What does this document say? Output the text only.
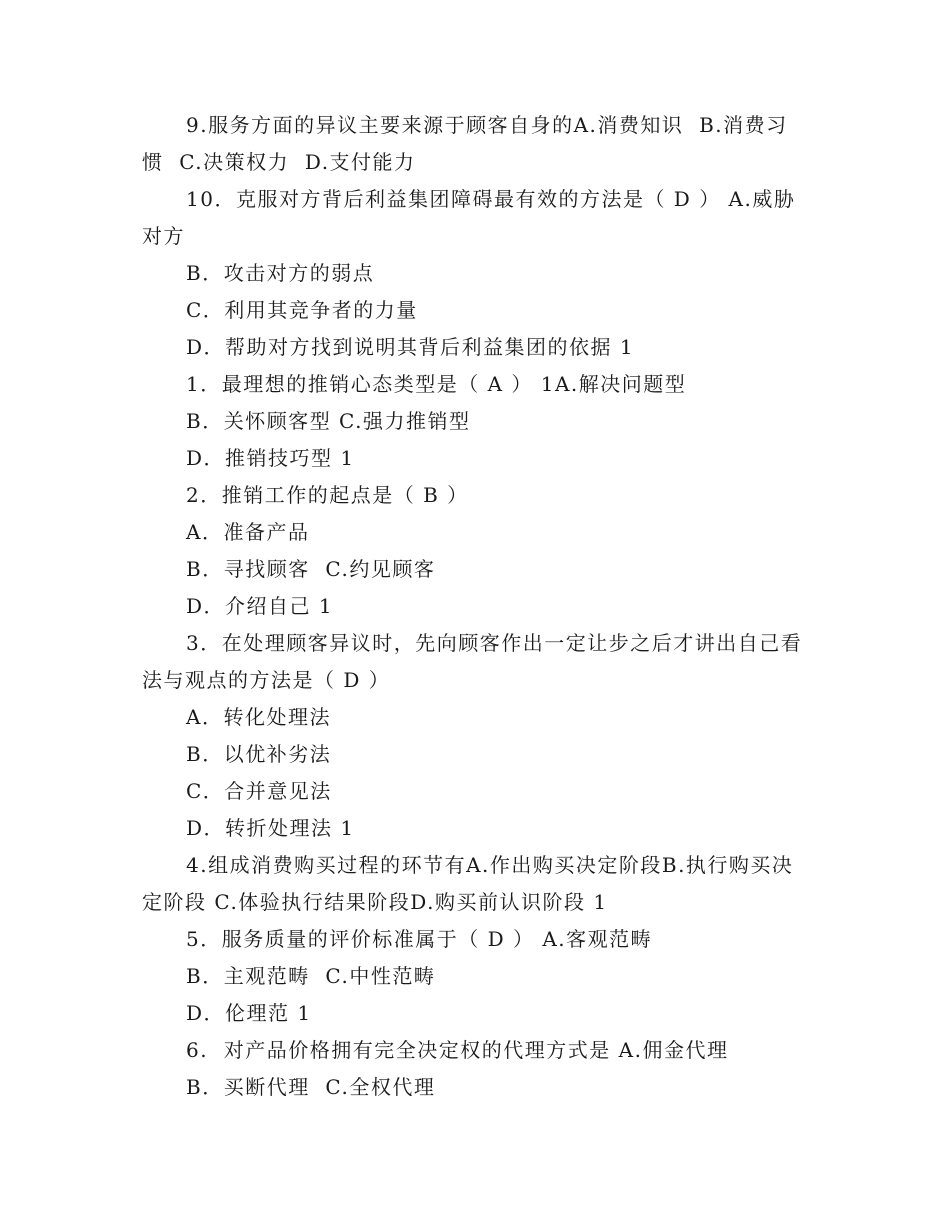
9.服务方面的异议主要来源于顾客自身的A.消费知识  B.消费习
惯  C.决策权力  D.支付能力
10．克服对方背后利益集团障碍最有效的方法是（ D ） A.威胁
对方
B．攻击对方的弱点
C．利用其竞争者的力量
D．帮助对方找到说明其背后利益集团的依据 1
1．最理想的推销心态类型是（ A ） 1A.解决问题型
B．关怀顾客型 C.强力推销型
D．推销技巧型 1
2．推销工作的起点是（ B ）
A．准备产品
B．寻找顾客  C.约见顾客
D．介绍自己 1
3．在处理顾客异议时，先向顾客作出一定让步之后才讲出自己看
法与观点的方法是（ D ）
A．转化处理法
B．以优补劣法
C．合并意见法
D．转折处理法 1
4.组成消费购买过程的环节有A.作出购买决定阶段B.执行购买决
定阶段 C.体验执行结果阶段D.购买前认识阶段 1
5．服务质量的评价标准属于（ D ） A.客观范畴
B．主观范畴  C.中性范畴
D．伦理范 1
6.  对产品价格拥有完全决定权的代理方式是 A.佣金代理
B．买断代理  C.全权代理
